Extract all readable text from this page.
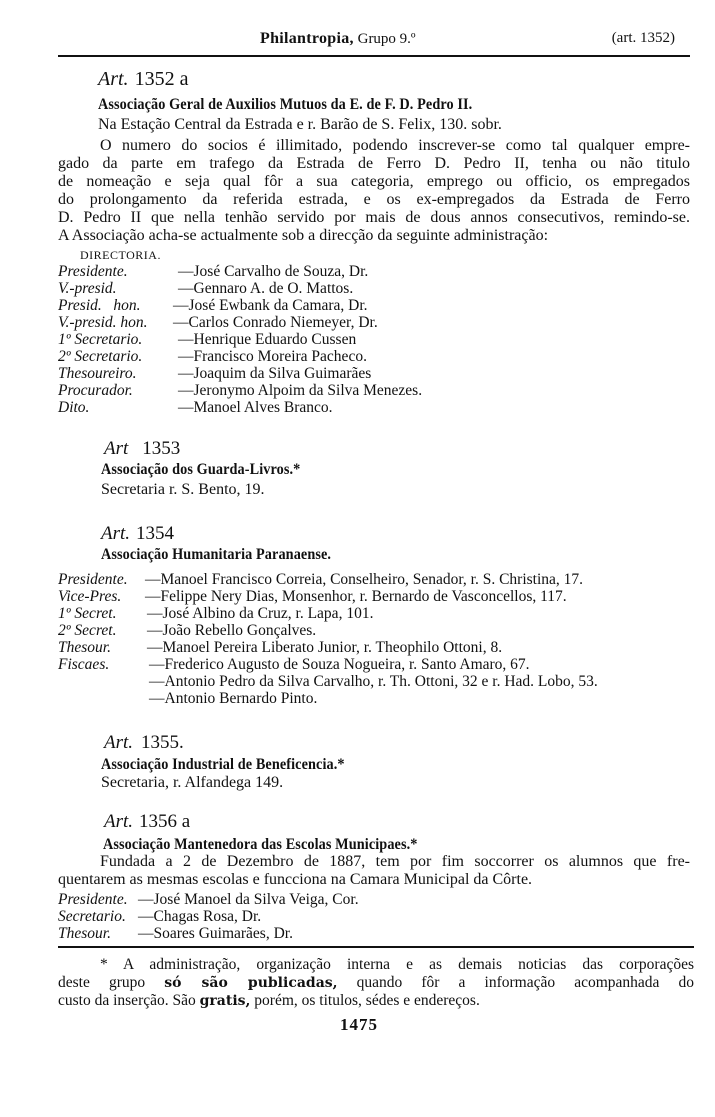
Philantropia, Grupo 9.º	(art. 1352)
Art. 1352 a
Associação Geral de Auxilios Mutuos da E. de F. D. Pedro II.
Na Estação Central da Estrada e r. Barão de S. Felix, 130. sobr.
O numero do socios é illimitado, podendo inscrever-se como tal qualquer empre-
gado da parte em trafego da Estrada de Ferro D. Pedro II, tenha ou não titulo
de nomeação e seja qual fôr a sua categoria, emprego ou officio, os empregados
do prolongamento da referida estrada, e os ex-empregados da Estrada de Ferro
D. Pedro II que nella tenhão servido por mais de dous annos consecutivos, remindo-se.
A Associação acha-se actualmente sob a direcção da seguinte administração:
DIRECTORIA.
Presidente.	—José Carvalho de Souza, Dr.
V.-presid.	—Gennaro A. de O. Mattos.
Presid.   hon. —José Ewbank da Camara, Dr.
V.-presid. hon. —Carlos Conrado Niemeyer, Dr.
1º Secretario. —Henrique Eduardo Cussen
2º Secretario. —Francisco Moreira Pacheco.
Thesoureiro.	—Joaquim da Silva Guimarães
Procurador.	—Jeronymo Alpoim da Silva Menezes.
Dito.	—Manoel Alves Branco.
Art 1353
Associação dos Guarda-Livros.*
Secretaria r. S. Bento, 19.
Art. 1354
Associação Humanitaria Paranaense.
Presidente. —Manoel Francisco Correia, Conselheiro, Senador, r. S. Christina, 17.
Vice-Pres. —Felippe Nery Dias, Monsenhor, r. Bernardo de Vasconcellos, 117.
1º Secret. —José Albino da Cruz, r. Lapa, 101.
2º Secret. —João Rebello Gonçalves.
Thesour. —Manoel Pereira Liberato Junior, r. Theophilo Ottoni, 8.
Fiscaes.	—Frederico Augusto de Souza Nogueira, r. Santo Amaro, 67.
—Antonio Pedro da Silva Carvalho, r. Th. Ottoni, 32 e r. Had. Lobo, 53.
—Antonio Bernardo Pinto.
Art. 1355.
Associação Industrial de Beneficencia.*
Secretaria, r. Alfandega 149.
Art. 1356 a
Associação Mantenedora das Escolas Municipaes.*
Fundada a 2 de Dezembro de 1887, tem por fim soccorrer os alumnos que fre-
quentarem as mesmas escolas e funcciona na Camara Municipal da Côrte.
Presidente. —José Manoel da Silva Veiga, Cor.
Secretario. —Chagas Rosa, Dr.
Thesour. —Soares Guimarães, Dr.
* A administração, organização interna e as demais noticias das corporações
deste grupo só são publicadas, quando fôr a informação acompanhada do
custo da inserção. São gratis, porém, os titulos, sédes e endereços.
1475
